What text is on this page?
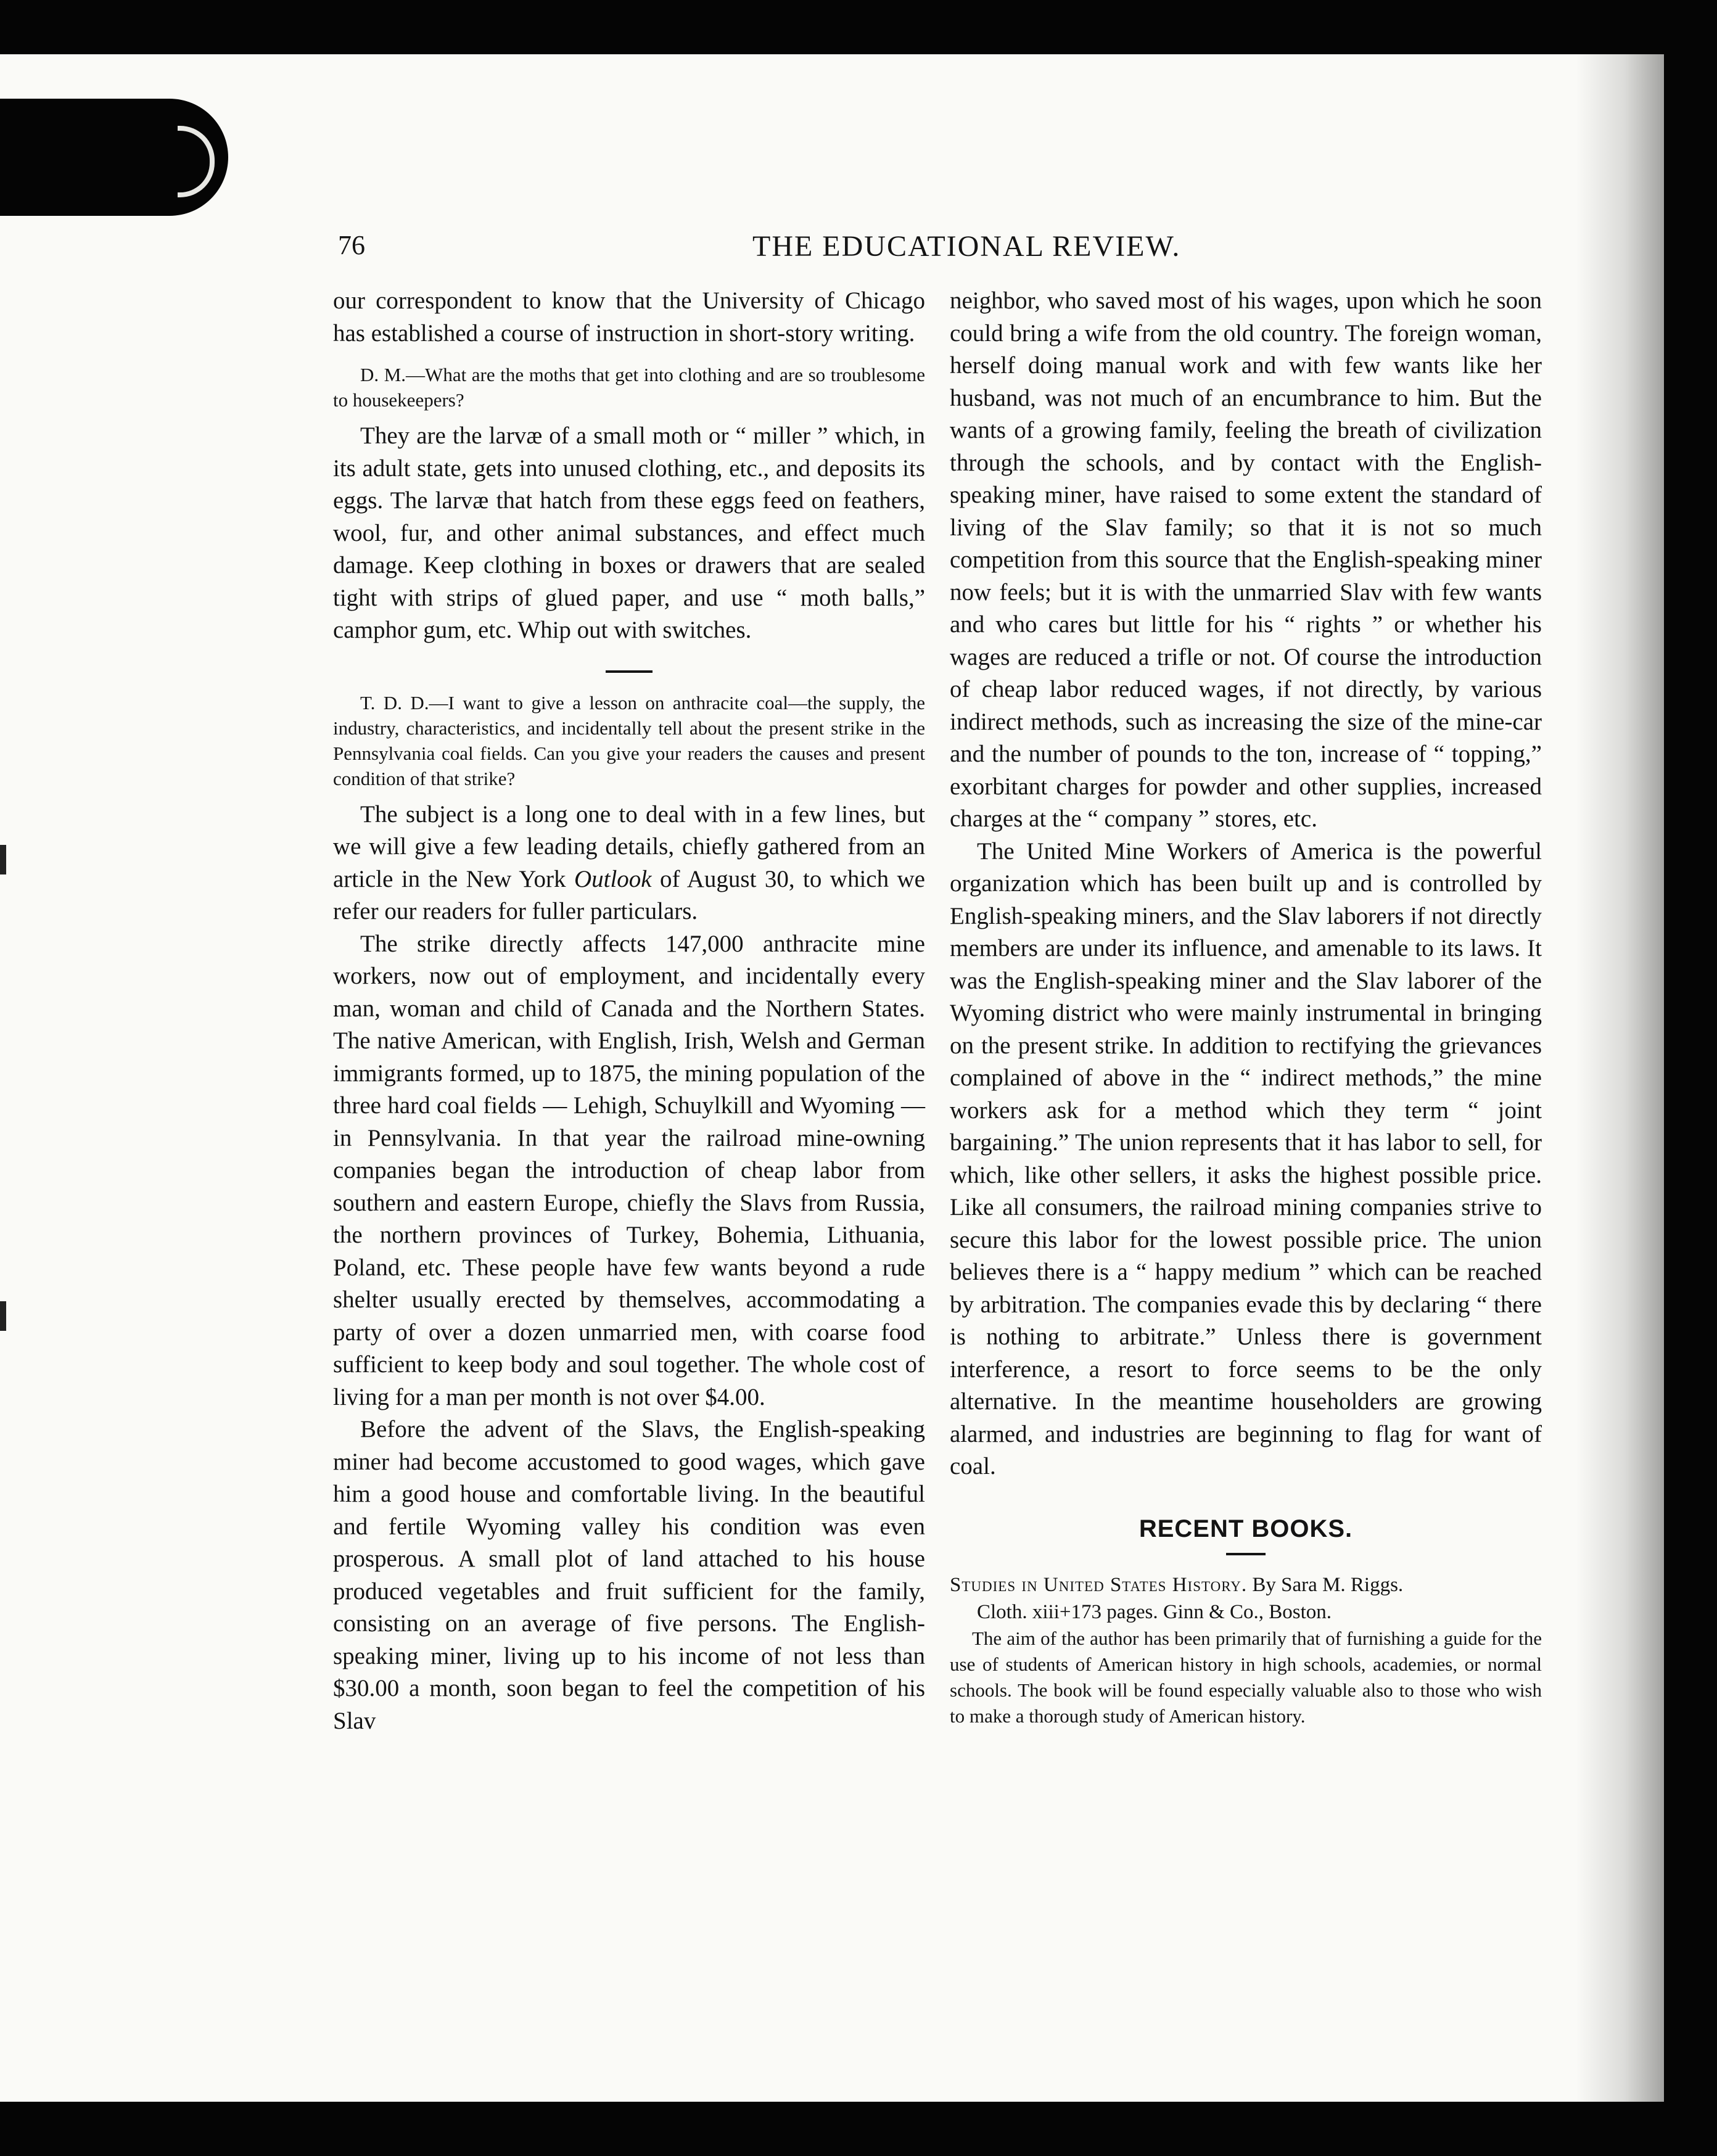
76	THE EDUCATIONAL REVIEW.

our correspondent to know that the University of Chicago has established a course of instruction in short-story writing.

D. M.—What are the moths that get into clothing and are so troublesome to housekeepers?

They are the larvæ of a small moth or “ miller ” which, in its adult state, gets into unused clothing, etc., and deposits its eggs. The larvæ that hatch from these eggs feed on feathers, wool, fur, and other animal substances, and effect much damage. Keep clothing in boxes or drawers that are sealed tight with strips of glued paper, and use “ moth balls,” camphor gum, etc. Whip out with switches.

T. D. D.—I want to give a lesson on anthracite coal—the supply, the industry, characteristics, and incidentally tell about the present strike in the Pennsylvania coal fields. Can you give your readers the causes and present condition of that strike?

The subject is a long one to deal with in a few lines, but we will give a few leading details, chiefly gathered from an article in the New York Outlook of August 30, to which we refer our readers for fuller particulars.

The strike directly affects 147,000 anthracite mine workers, now out of employment, and incidentally every man, woman and child of Canada and the Northern States. The native American, with English, Irish, Welsh and German immigrants formed, up to 1875, the mining population of the three hard coal fields — Lehigh, Schuylkill and Wyoming — in Pennsylvania. In that year the railroad mine-owning companies began the introduction of cheap labor from southern and eastern Europe, chiefly the Slavs from Russia, the northern provinces of Turkey, Bohemia, Lithuania, Poland, etc. These people have few wants beyond a rude shelter usually erected by themselves, accommodating a party of over a dozen unmarried men, with coarse food sufficient to keep body and soul together. The whole cost of living for a man per month is not over $4.00.

Before the advent of the Slavs, the English-speaking miner had become accustomed to good wages, which gave him a good house and comfortable living. In the beautiful and fertile Wyoming valley his condition was even prosperous. A small plot of land attached to his house produced vegetables and fruit sufficient for the family, consisting on an average of five persons. The English-speaking miner, living up to his income of not less than $30.00 a month, soon began to feel the competition of his Slav

neighbor, who saved most of his wages, upon which he soon could bring a wife from the old country. The foreign woman, herself doing manual work and with few wants like her husband, was not much of an encumbrance to him. But the wants of a growing family, feeling the breath of civilization through the schools, and by contact with the English-speaking miner, have raised to some extent the standard of living of the Slav family; so that it is not so much competition from this source that the English-speaking miner now feels; but it is with the unmarried Slav with few wants and who cares but little for his “ rights ” or whether his wages are reduced a trifle or not. Of course the introduction of cheap labor reduced wages, if not directly, by various indirect methods, such as increasing the size of the mine-car and the number of pounds to the ton, increase of “ topping,” exorbitant charges for powder and other supplies, increased charges at the “ company ” stores, etc.

The United Mine Workers of America is the powerful organization which has been built up and is controlled by English-speaking miners, and the Slav laborers if not directly members are under its influence, and amenable to its laws. It was the English-speaking miner and the Slav laborer of the Wyoming district who were mainly instrumental in bringing on the present strike. In addition to rectifying the grievances complained of above in the “ indirect methods,” the mine workers ask for a method which they term “ joint bargaining.” The union represents that it has labor to sell, for which, like other sellers, it asks the highest possible price. Like all consumers, the railroad mining companies strive to secure this labor for the lowest possible price. The union believes there is a “ happy medium ” which can be reached by arbitration. The companies evade this by declaring “ there is nothing to arbitrate.” Unless there is government interference, a resort to force seems to be the only alternative. In the meantime householders are growing alarmed, and industries are beginning to flag for want of coal.

RECENT BOOKS.

Studies in United States History. By Sara M. Riggs.
Cloth. xiii+173 pages. Ginn & Co., Boston.

The aim of the author has been primarily that of furnishing a guide for the use of students of American history in high schools, academies, or normal schools. The book will be found especially valuable also to those who wish to make a thorough study of American history.
